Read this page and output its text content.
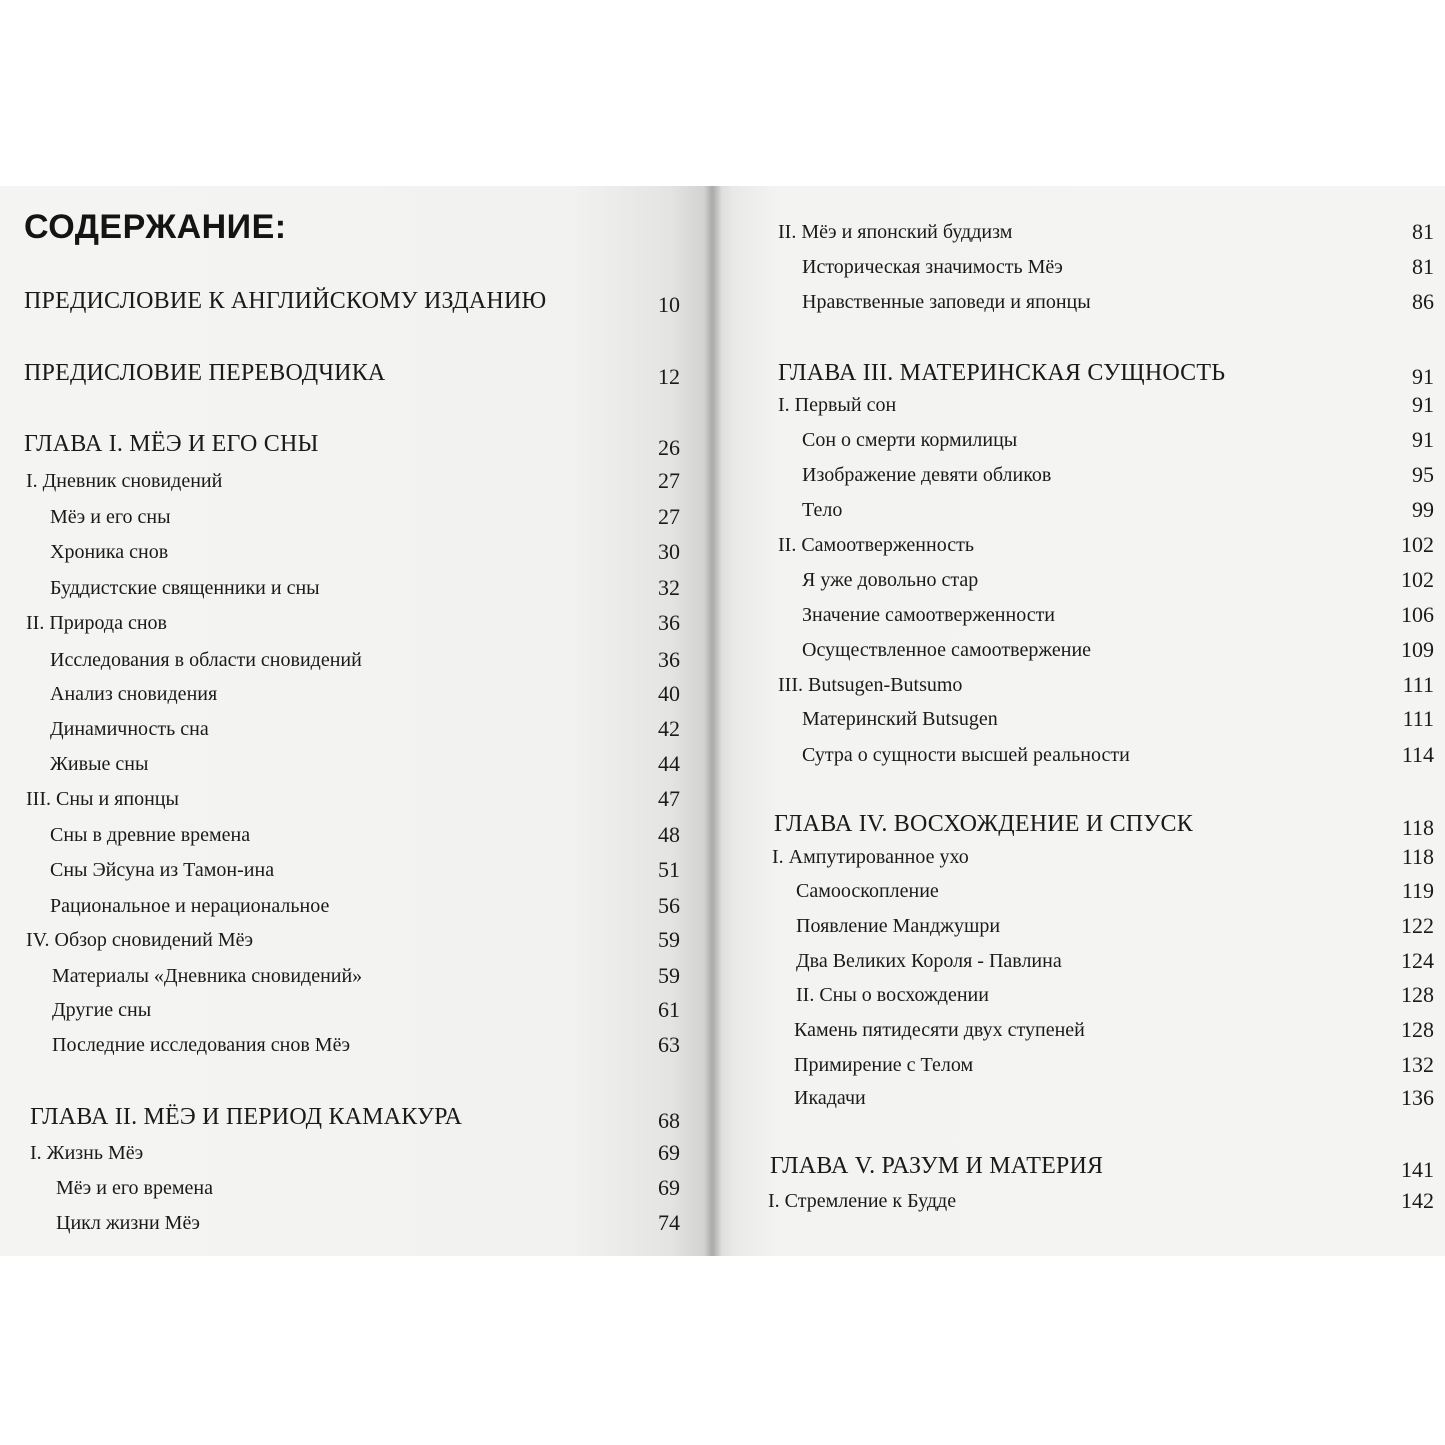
СОДЕРЖАНИЕ:
ПРЕДИСЛОВИЕ К АНГЛИЙСКОМУ ИЗДАНИЮ	10
ПРЕДИСЛОВИЕ ПЕРЕВОДЧИКА	12
ГЛАВА I. МЁЭ И ЕГО СНЫ	26
I. Дневник сновидений	27
Мёэ и его сны	27
Хроника снов	30
Буддистские священники и сны	32
II. Природа снов	36
Исследования в области сновидений	36
Анализ сновидения	40
Динамичность сна	42
Живые сны	44
III. Сны и японцы	47
Сны в древние времена	48
Сны Эйсуна из Тамон-ина	51
Рациональное и нерациональное	56
IV. Обзор сновидений Мёэ	59
Материалы «Дневника сновидений»	59
Другие сны	61
Последние исследования снов Мёэ	63
ГЛАВА II. МЁЭ И ПЕРИОД КАМАКУРА	68
I. Жизнь Мёэ	69
Мёэ и его времена	69
Цикл жизни Мёэ	74
II. Мёэ и японский буддизм	81
Историческая значимость Мёэ	81
Нравственные заповеди и японцы	86
ГЛАВА III. МАТЕРИНСКАЯ СУЩНОСТЬ	91
I. Первый сон	91
Сон о смерти кормилицы	91
Изображение девяти обликов	95
Тело	99
II. Самоотверженность	102
Я уже довольно стар	102
Значение самоотверженности	106
Осуществленное самоотвержение	109
III. Butsugen-Butsumo	111
Материнский Butsugen	111
Сутра о сущности высшей реальности	114
ГЛАВА IV. ВОСХОЖДЕНИЕ И СПУСК	118
I. Ампутированное ухо	118
Самооскопление	119
Появление Манджушри	122
Два Великих Короля - Павлина	124
II. Сны о восхождении	128
Камень пятидесяти двух ступеней	128
Примирение с Телом	132
Икадачи	136
ГЛАВА V. РАЗУМ И МАТЕРИЯ	141
I. Стремление к Будде	142
